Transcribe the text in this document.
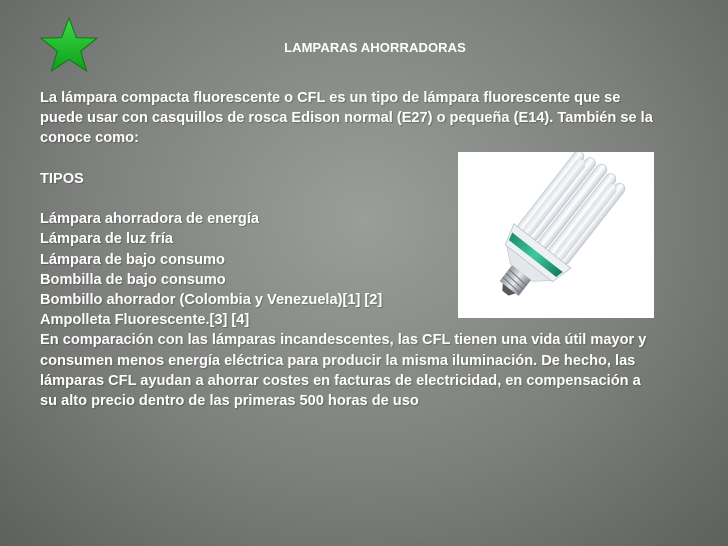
LAMPARAS AHORRADORAS
La lámpara compacta fluorescente o CFL es un tipo de lámpara fluorescente que se
puede usar con casquillos de rosca Edison normal (E27) o pequeña (E14). También se la
conoce como:
TIPOS
Lámpara ahorradora de energía
Lámpara de luz fría
Lámpara de bajo consumo
Bombilla de bajo consumo
Bombillo ahorrador (Colombia y Venezuela)[1] [2]
Ampolleta Fluorescente.[3] [4]
En comparación con las lámparas incandescentes, las CFL tienen una vida útil mayor y
consumen menos energía eléctrica para producir la misma iluminación. De hecho, las
lámparas CFL ayudan a ahorrar costes en facturas de electricidad, en compensación a
su alto precio dentro de las primeras 500 horas de uso
